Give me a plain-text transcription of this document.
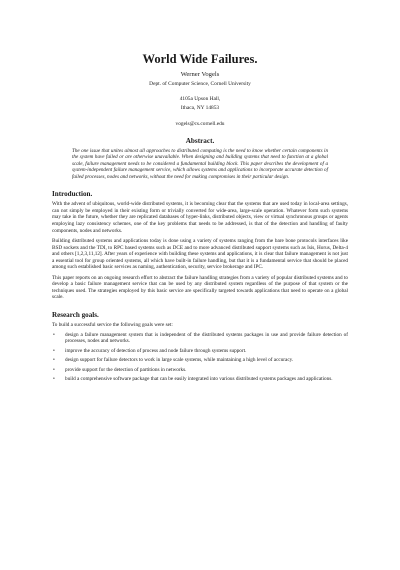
World Wide Failures.
Werner Vogels
Dept. of Computer Science, Cornell University
4105a Upson Hall,
Ithaca, NY 14853
vogels@cs.cornell.edu
Abstract.
The one issue that unites almost all approaches to distributed computing is the need to know whether certain components in the system have failed or are otherwise unavailable. When designing and building systems that need to function at a global scale, failure management needs to be considered a fundamental building block. This paper describes the development of a system-independent failure management service, which allows systems and applications to incorporate accurate detection of failed processes, nodes and networks, without the need for making compromises in their particular design.
Introduction.

With the advent of ubiquitous, world-wide distributed systems, it is becoming clear that the systems that are used today in local-area settings, can not simply be employed in their existing form or trivially converted for wide-area, large-scale operation. Whatever form such systems may take in the future, whether they are replicated databases of hyper-links, distributed objects, view or virtual synchronous groups or agents employing lazy consistency schemes, one of the key problems that needs to be addressed, is that of the detection and handling of faulty components, nodes and networks.

Building distributed systems and applications today is done using a variety of systems ranging from the bare bone protocols interfaces like BSD sockets and the TDI, to RPC based systems such as DCE and to more advanced distributed support systems such as Isis, Horus, Delta-4 and others [1,2,3,11,12]. After years of experience with building these systems and applications, it is clear that failure management is not just a essential tool for group oriented systems, all which have built-in failure handling, but that it is a fundamental service that should be placed among such established basic services as naming, authentication, security, service brokerage and IPC.

This paper reports on an ongoing research effort to abstract the failure handling strategies from a variety of popular distributed systems and to develop a basic failure management service that can be used by any distributed system regardless of the purpose of that system or the techniques used. The strategies employed by this basic service are specifically targeted towards applications that need to operate on a global scale.

Research goals.

To build a successful service the following goals were set:

• design a failure management system that is independent of the distributed systems packages in use and provide failure detection of processes, nodes and networks.
• improve the accuracy of detection of process and node failure through systems support.
• design support for failure detectors to work in large scale systems, while maintaining a high level of accuracy.
• provide support for the detection of partitions in networks.
• build a comprehensive software package that can be easily integrated into various distributed systems packages and applications.
